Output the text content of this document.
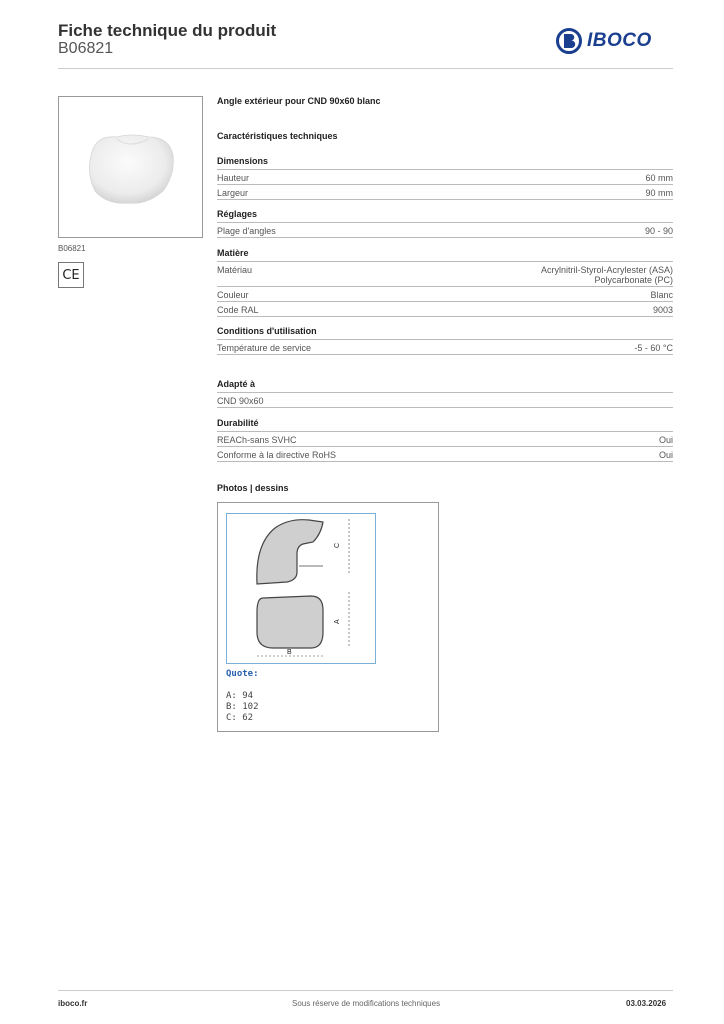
Fiche technique du produit
B06821	IBOCO
B06821
CE
Angle extérieur pour CND 90x60 blanc
Caractéristiques techniques
Dimensions
Hauteur	60 mm
Largeur	90 mm
Réglages
Plage d'angles	90 - 90
Matière
Matériau	Acrylnitril-Styrol-Acrylester (ASA)
Polycarbonate (PC)
Couleur	Blanc
Code RAL	9003
Conditions d'utilisation
Température de service	-5 - 60 °C
Adapté à
CND 90x60
Durabilité
REACh-sans SVHC	Oui
Conforme à la directive RoHS	Oui
Photos | dessins
C
A
B
Quote:
A: 94
B: 102
C: 62
iboco.fr	Sous réserve de modifications techniques	03.03.2026
